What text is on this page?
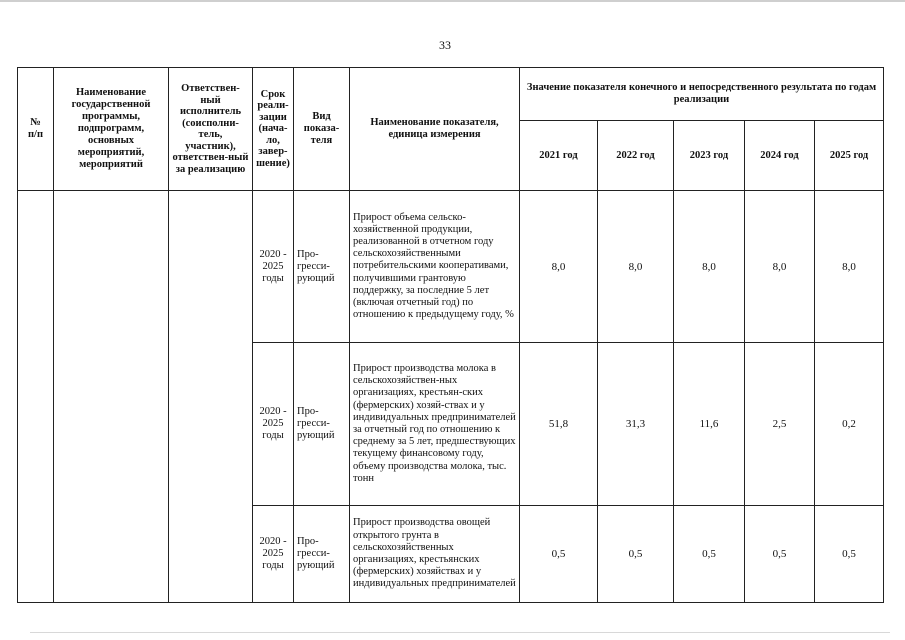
33
№
п/п	Наименование государственной программы, подпрограмм, основных мероприятий, мероприятий	Ответствен-ный исполнитель (соисполни-тель, участник), ответствен-ный за реализацию	Срок реали-зации (нача-ло, завер-шение)	Вид показа-теля	Наименование показателя, единица измерения	Значение показателя конечного и непосредственного результата по годам реализации				
						2021 год	2022 год	2023 год	2024 год	2025 год
			2020 - 2025 годы	Про-гресси-рующий	Прирост объема сельско-хозяйственной продукции, реализованной в отчетном году сельскохозяйственными потребительскими кооперативами, получившими грантовую поддержку, за последние 5 лет (включая отчетный год) по отношению к предыдущему году, %	8,0	8,0	8,0	8,0	8,0
			2020 - 2025 годы	Про-гресси-рующий	Прирост производства молока в сельскохозяйствен-ных организациях, крестьян-ских (фермерских) хозяй-ствах и у индивидуальных предпринимателей за отчетный год по отношению к среднему за 5 лет, предшествующих текущему финансовому году, объему производства молока, тыс. тонн	51,8	31,3	11,6	2,5	0,2
			2020 - 2025 годы	Про-гресси-рующий	Прирост производства овощей открытого грунта в сельскохозяйственных организациях, крестьянских (фермерских) хозяйствах и у индивидуальных предпринимателей	0,5	0,5	0,5	0,5	0,5
